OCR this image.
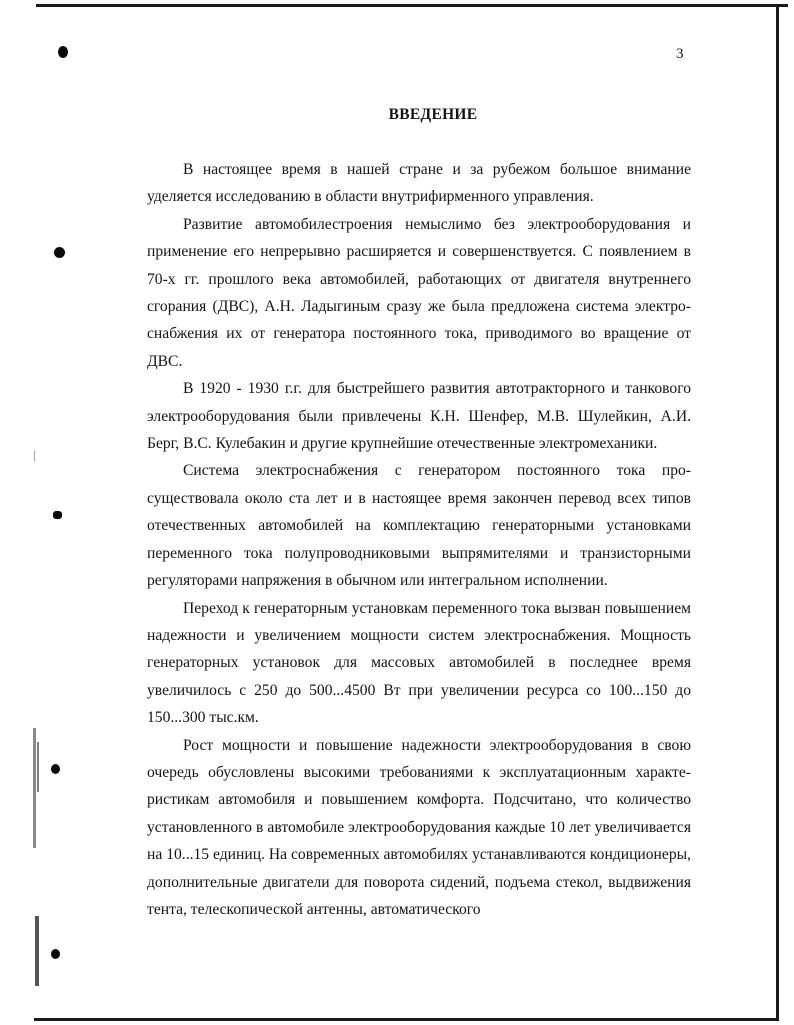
3
ВВЕДЕНИЕ

В настоящее время в нашей стране и за рубежом большое внимание уделяется исследованию в области внутрифирменного управления.

Развитие автомобилестроения немыслимо без электрооборудования и применение его непрерывно расширяется и совершенствуется. С появлением в 70-х гг. прошлого века автомобилей, работающих от двигателя внутреннего сгорания (ДВС), А.Н. Ладыгиным сразу же была предложена система электроснабжения их от генератора постоянного тока, приводимого во вращение от ДВС.

В 1920 - 1930 г.г. для быстрейшего развития автотракторного и танкового электрооборудования были привлечены К.Н. Шенфер, М.В. Шулейкин, А.И. Берг, В.С. Кулебакин и другие крупнейшие отечественные электромеханики.

Система электроснабжения с генератором постоянного тока просуществовала около ста лет и в настоящее время закончен перевод всех типов отечественных автомобилей на комплектацию генераторными установками переменного тока полупроводниковыми выпрямителями и транзисторными регуляторами напряжения в обычном или интегральном исполнении.

Переход к генераторным установкам переменного тока вызван повышением надежности и увеличением мощности систем электроснабжения. Мощность генераторных установок для массовых автомобилей в последнее время увеличилось с 250 до 500...4500 Вт при увеличении ресурса со 100...150 до 150...300 тыс.км.

Рост мощности и повышение надежности электрооборудования в свою очередь обусловлены высокими требованиями к эксплуатационным характеристикам автомобиля и повышением комфорта. Подсчитано, что количество установленного в автомобиле электрооборудования каждые 10 лет увеличивается на 10...15 единиц. На современных автомобилях устанавливаются кондиционеры, дополнительные двигатели для поворота сидений, подъема стекол, выдвижения тента, телескопической антенны, автоматического
